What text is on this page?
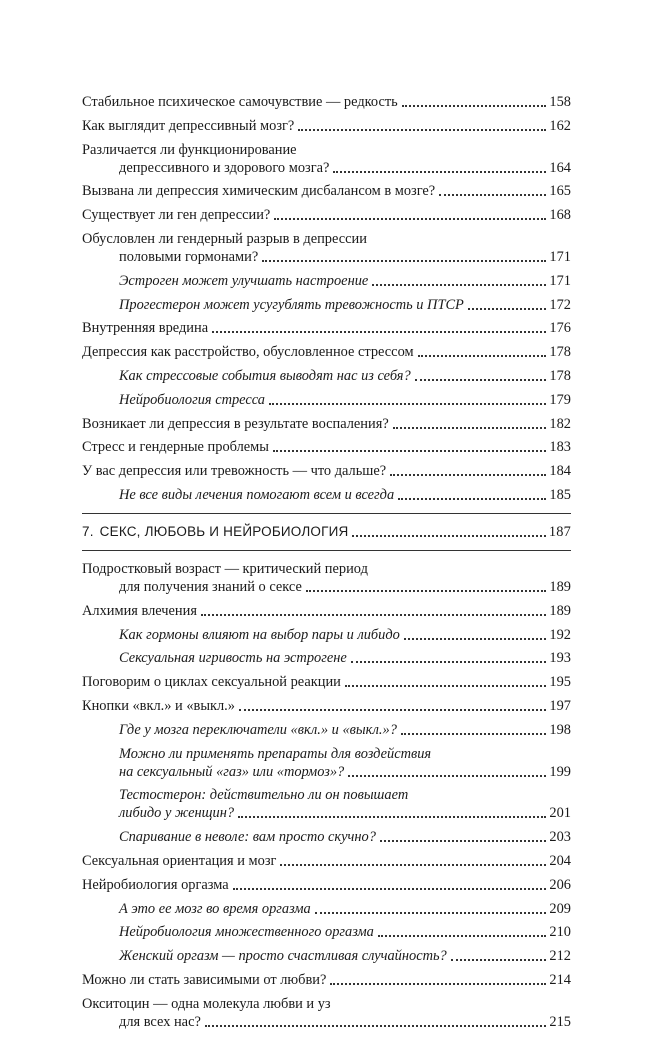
Стабильное психическое самочувствие — редкость	158
Как выглядит депрессивный мозг?	162
Различается ли функционирование
депрессивного и здорового мозга?	164
Вызвана ли депрессия химическим дисбалансом в мозге?	165
Существует ли ген депрессии?	168
Обусловлен ли гендерный разрыв в депрессии
половыми гормонами?	171
Эстроген может улучшать настроение	171
Прогестерон может усугублять тревожность и ПТСР	172
Внутренняя вредина	176
Депрессия как расстройство, обусловленное стрессом	178
Как стрессовые события выводят нас из себя?	178
Нейробиология стресса	179
Возникает ли депрессия в результате воспаления?	182
Стресс и гендерные проблемы	183
У вас депрессия или тревожность — что дальше?	184
Не все виды лечения помогают всем и всегда	185
7. СЕКС, ЛЮБОВЬ И НЕЙРОБИОЛОГИЯ	187
Подростковый возраст — критический период
для получения знаний о сексе	189
Алхимия влечения	189
Как гормоны влияют на выбор пары и либидо	192
Сексуальная игривость на эстрогене	193
Поговорим о циклах сексуальной реакции	195
Кнопки «вкл.» и «выкл.»	197
Где у мозга переключатели «вкл.» и «выкл.»?	198
Можно ли применять препараты для воздействия
на сексуальный «газ» или «тормоз»?	199
Тестостерон: действительно ли он повышает
либидо у женщин?	201
Спаривание в неволе: вам просто скучно?	203
Сексуальная ориентация и мозг	204
Нейробиология оргазма	206
А это ее мозг во время оргазма	209
Нейробиология множественного оргазма	210
Женский оргазм — просто счастливая случайность?	212
Можно ли стать зависимыми от любви?	214
Окситоцин — одна молекула любви и уз
для всех нас?	215
